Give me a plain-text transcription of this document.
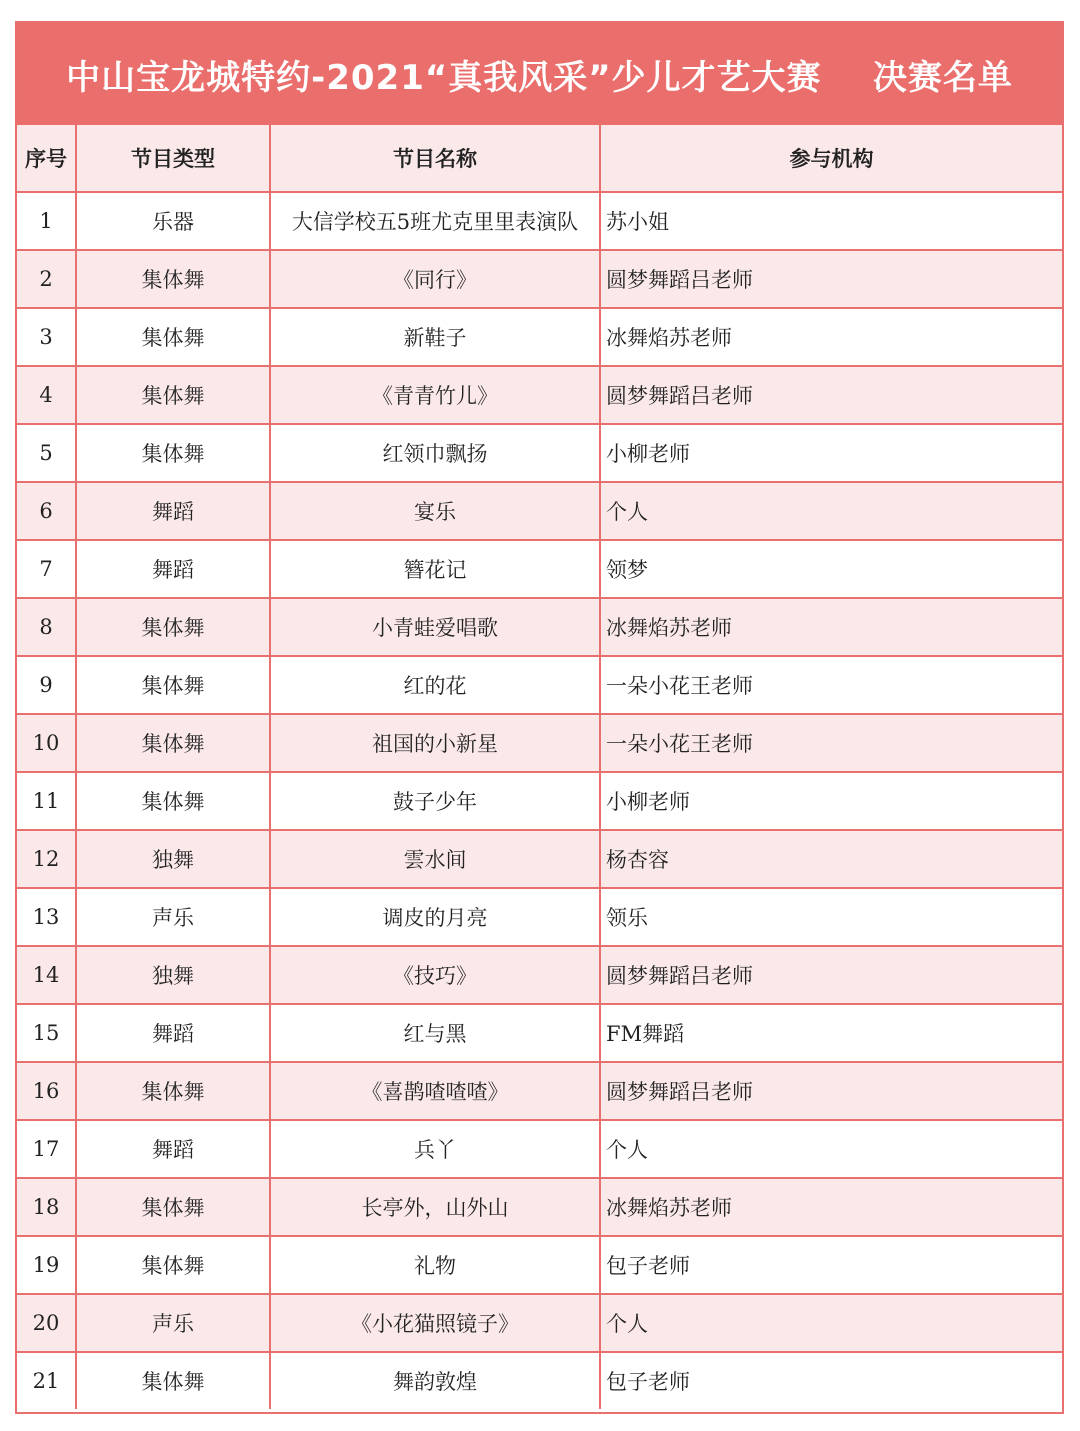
中山宝龙城特约-2021“真我风采”少儿才艺大赛    决赛名单
序号	节目类型	节目名称	参与机构
1	乐器	大信学校五5班尤克里里表演队	苏小姐
2	集体舞	《同行》	圆梦舞蹈吕老师
3	集体舞	新鞋子	冰舞焰苏老师
4	集体舞	《青青竹儿》	圆梦舞蹈吕老师
5	集体舞	红领巾飘扬	小柳老师
6	舞蹈	宴乐	个人
7	舞蹈	簪花记	领梦
8	集体舞	小青蛙爱唱歌	冰舞焰苏老师
9	集体舞	红的花	一朵小花王老师
10	集体舞	祖国的小新星	一朵小花王老师
11	集体舞	鼓子少年	小柳老师
12	独舞	雲水间	杨杏容
13	声乐	调皮的月亮	领乐
14	独舞	《技巧》	圆梦舞蹈吕老师
15	舞蹈	红与黑	FM舞蹈
16	集体舞	《喜鹊喳喳喳》	圆梦舞蹈吕老师
17	舞蹈	兵丫	个人
18	集体舞	长亭外，山外山	冰舞焰苏老师
19	集体舞	礼物	包子老师
20	声乐	《小花猫照镜子》	个人
21	集体舞	舞韵敦煌	包子老师
